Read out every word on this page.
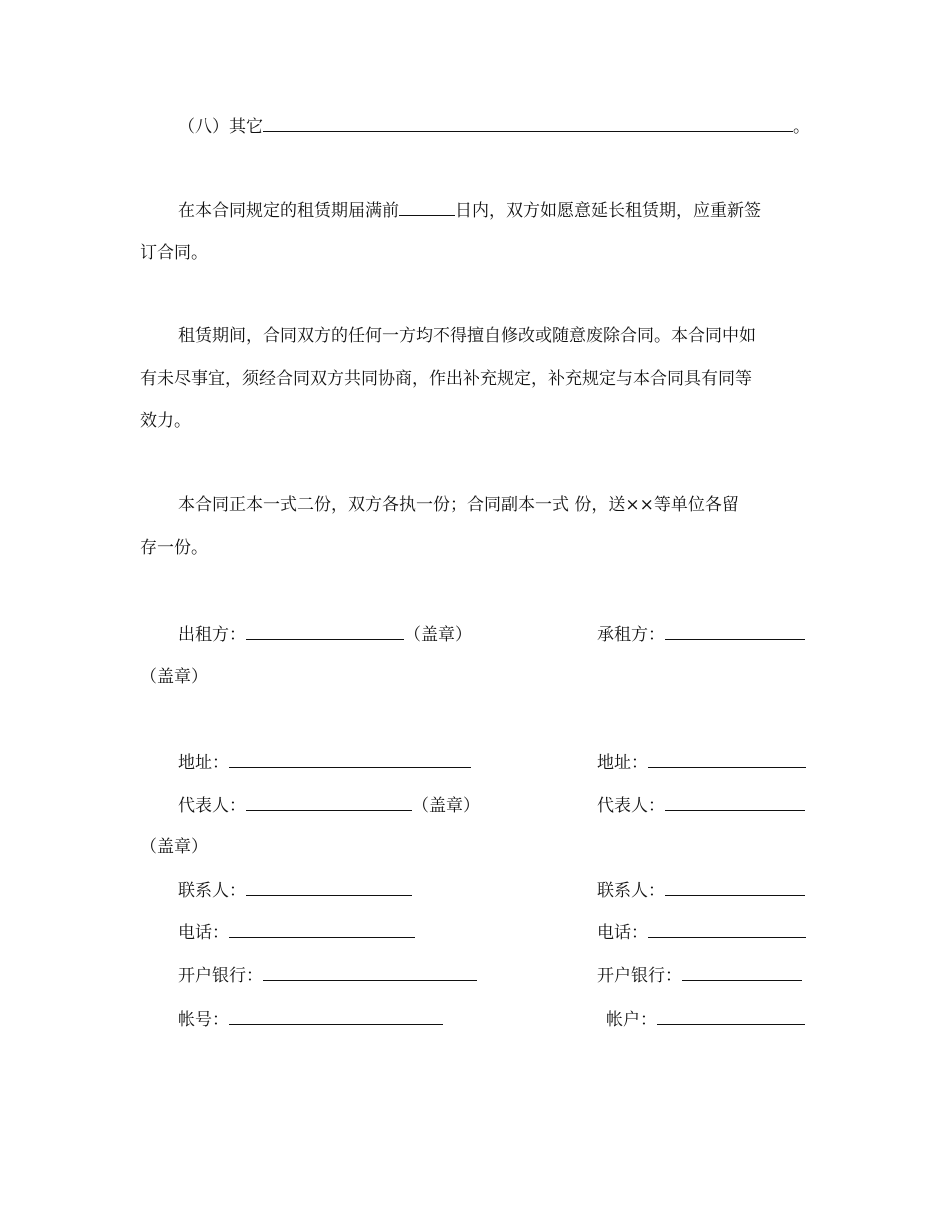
（八）其它	。
在本合同规定的租赁期届满前	日内，双方如愿意延长租赁期，应重新签
订合同。
租赁期间，合同双方的任何一方均不得擅自修改或随意废除合同。本合同中如
有未尽事宜，须经合同双方共同协商，作出补充规定，补充规定与本合同具有同等
效力。
本合同正本一式二份，双方各执一份；合同副本一式 份，送××等单位各留
存一份。
出租方：	（盖章）	承租方：
（盖章）
地址：	地址：
代表人：	（盖章）	代表人：
（盖章）
联系人：	联系人：
电话：	电话：
开户银行：	开户银行：
帐号：	帐户：
